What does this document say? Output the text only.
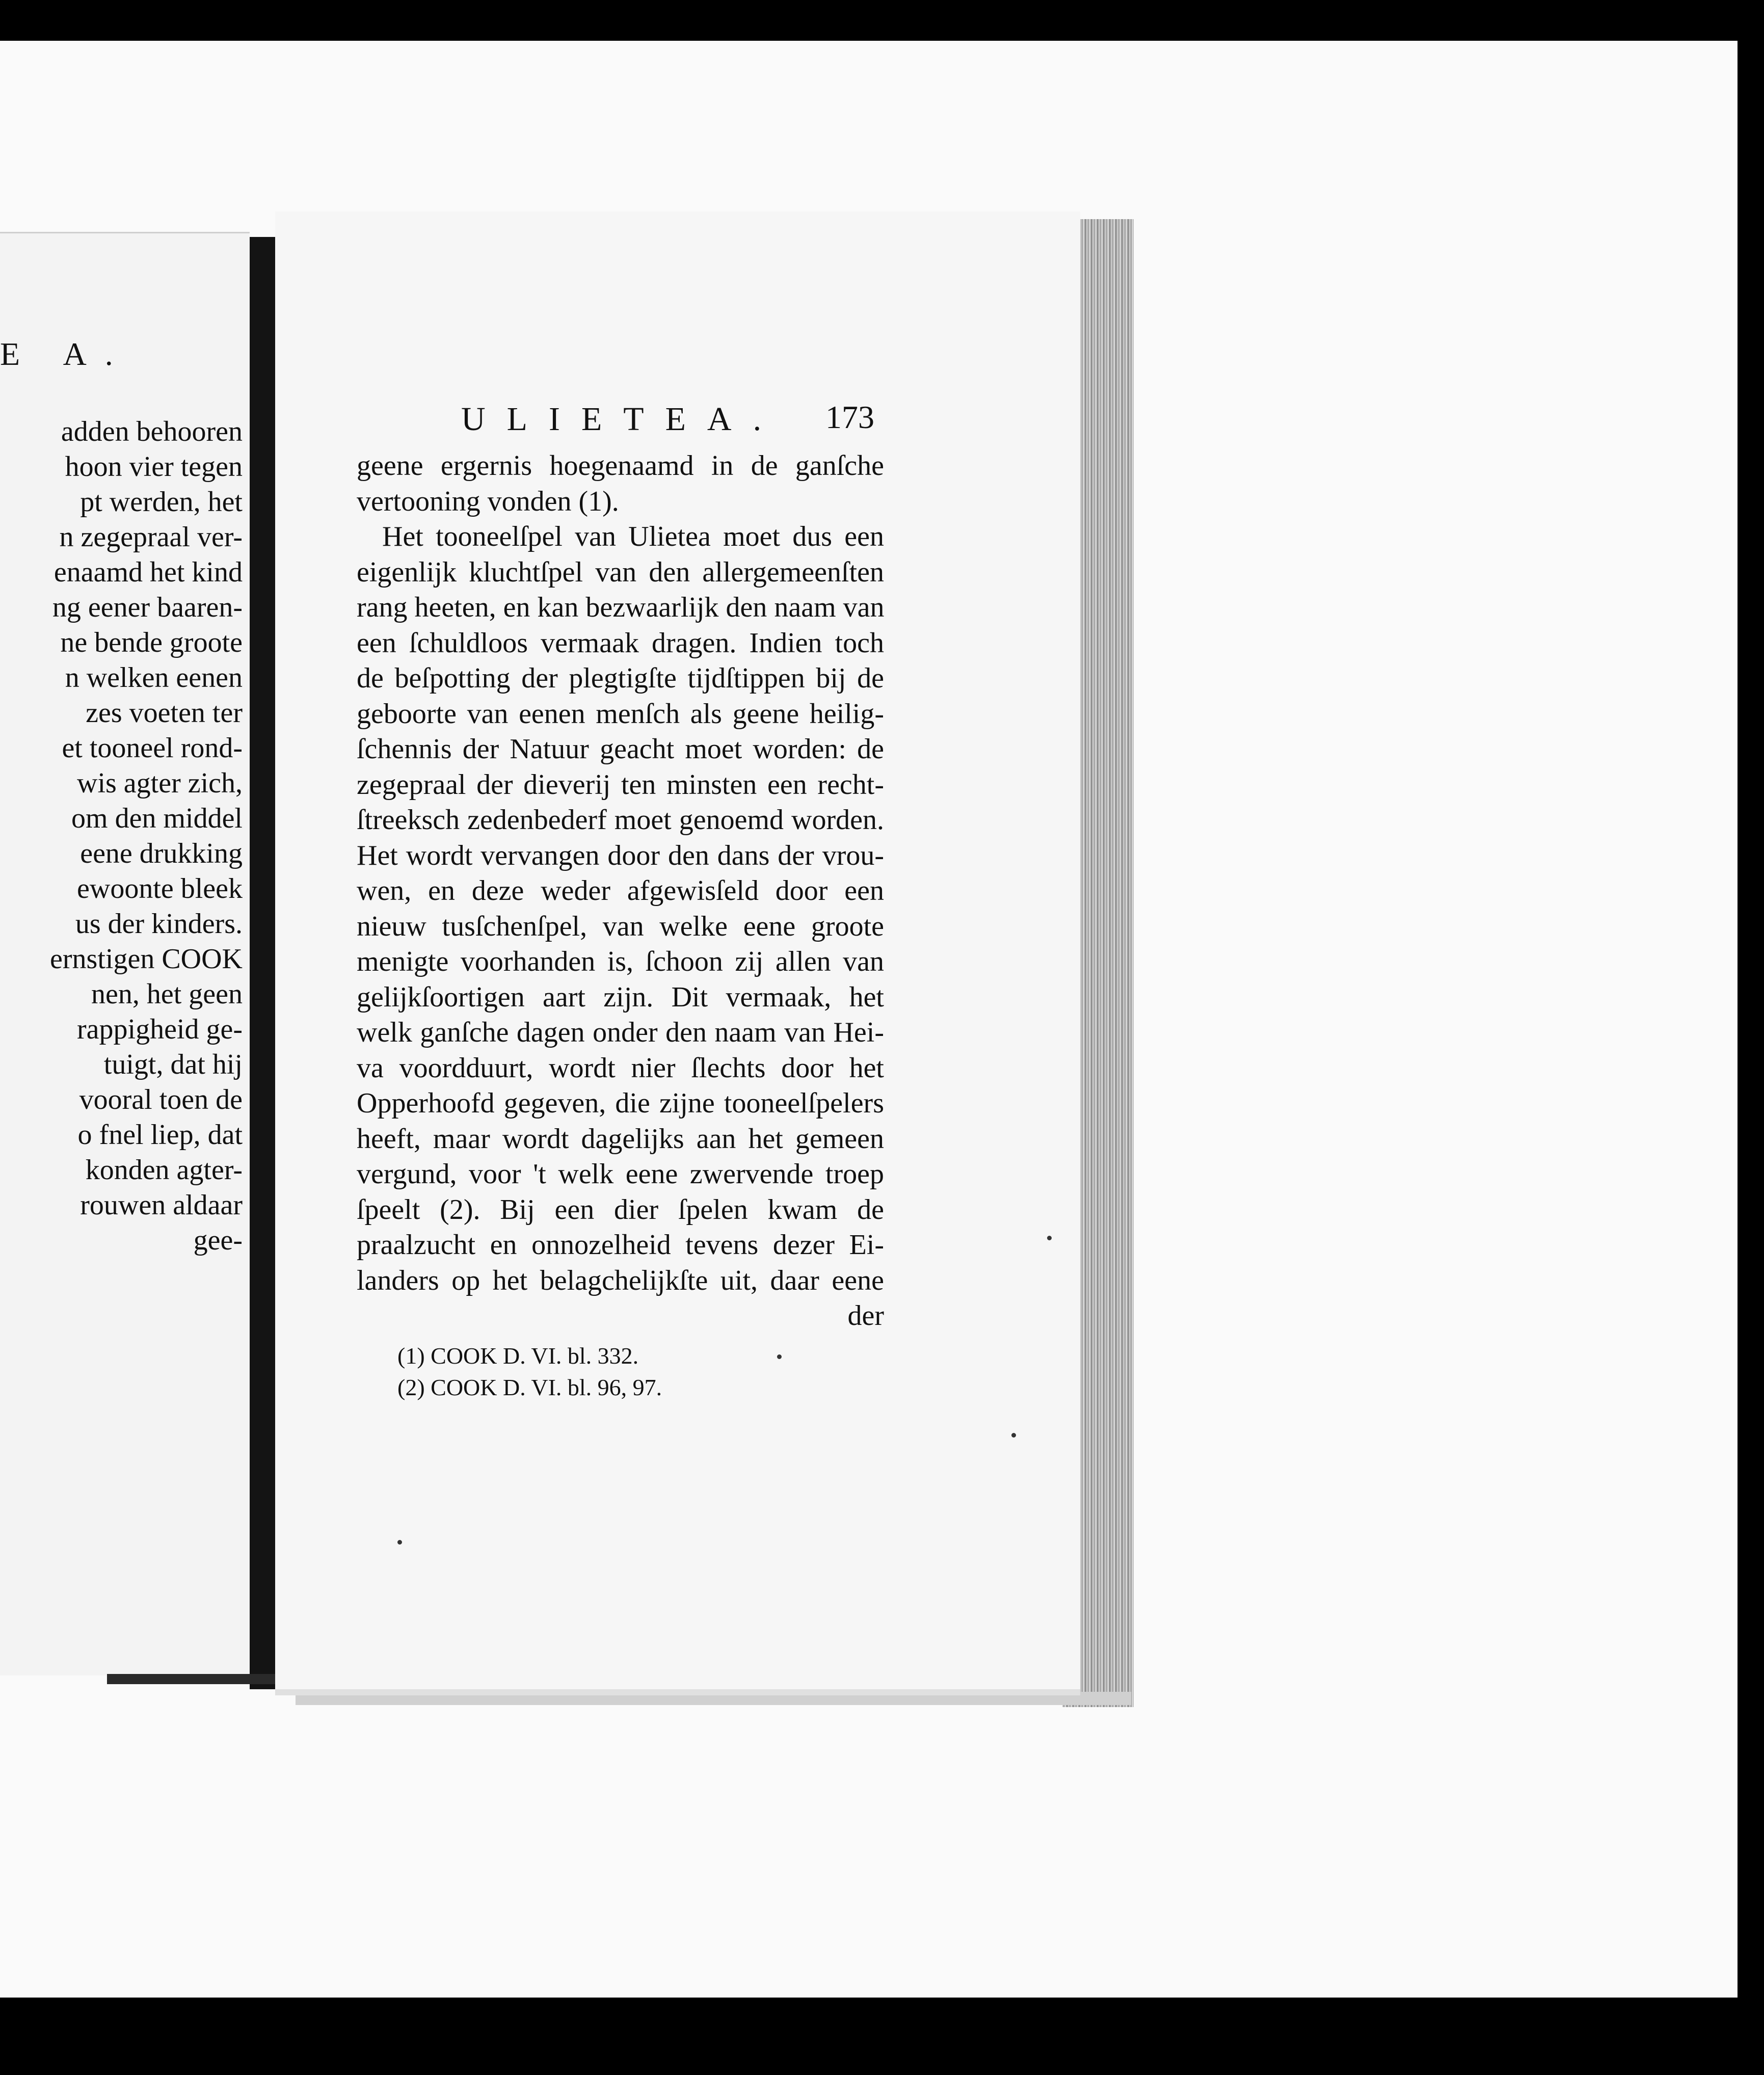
E A.
adden behooren
hoon vier tegen
pt werden, het
n zegepraal ver-
enaamd het kind
ng eener baaren-
ne bende groote
n welken eenen
zes voeten ter
et tooneel rond-
wis agter zich,
om den middel
eene drukking
ewoonte bleek
us der kinders.
ernstigen COOK
nen, het geen
rappigheid ge-
tuigt, dat hij
vooral toen de
o fnel liep, dat
konden agter-
rouwen aldaar
gee-
ULIETEA. 173
geene ergernis hoegenaamd in de ganſche
vertooning vonden (1).
Het tooneelſpel van Ulietea moet dus een
eigenlijk kluchtſpel van den allergemeenſten
rang heeten, en kan bezwaarlijk den naam van
een ſchuldloos vermaak dragen. Indien toch
de beſpotting der plegtigſte tijdſtippen bij de
geboorte van eenen menſch als geene heilig-
ſchennis der Natuur geacht moet worden: de
zegepraal der dieverij ten minsten een recht-
ſtreeksch zedenbederf moet genoemd worden.
Het wordt vervangen door den dans der vrou-
wen, en deze weder afgewisſeld door een
nieuw tusſchenſpel, van welke eene groote
menigte voorhanden is, ſchoon zij allen van
gelijkſoortigen aart zijn. Dit vermaak, het
welk ganſche dagen onder den naam van Hei-
va voordduurt, wordt nier ſlechts door het
Opperhoofd gegeven, die zijne tooneelſpelers
heeft, maar wordt dagelijks aan het gemeen
vergund, voor 't welk eene zwervende troep
ſpeelt (2). Bij een dier ſpelen kwam de
praalzucht en onnozelheid tevens dezer Ei-
landers op het belagchelijkſte uit, daar eene
der
(1) COOK D. VI. bl. 332.
(2) COOK D. VI. bl. 96, 97.
